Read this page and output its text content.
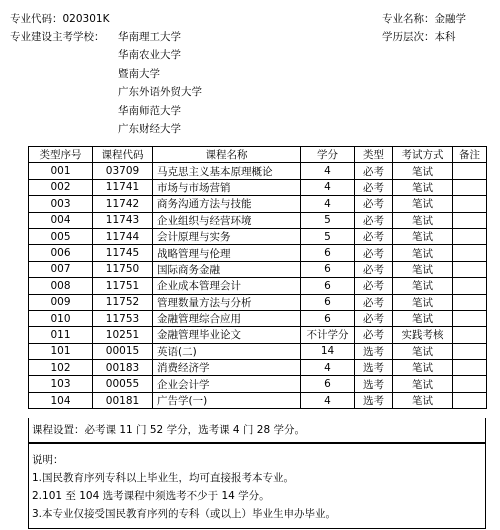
专业代码：020301K
专业建设主考学校：	华南理工大学
华南农业大学
暨南大学
广东外语外贸大学
华南师范大学
广东财经大学
专业名称：金融学
学历层次：本科
类型序号	课程代码	课程名称	学分	类型	考试方式	备注
001	03709	马克思主义基本原理概论	4	必考	笔试	
002	11741	市场与市场营销	4	必考	笔试	
003	11742	商务沟通方法与技能	4	必考	笔试	
004	11743	企业组织与经营环境	5	必考	笔试	
005	11744	会计原理与实务	5	必考	笔试	
006	11745	战略管理与伦理	6	必考	笔试	
007	11750	国际商务金融	6	必考	笔试	
008	11751	企业成本管理会计	6	必考	笔试	
009	11752	管理数量方法与分析	6	必考	笔试	
010	11753	金融管理综合应用	6	必考	笔试	
011	10251	金融管理毕业论文	不计学分	必考	实践考核	
101	00015	英语(二)	14	选考	笔试	
102	00183	消费经济学	4	选考	笔试	
103	00055	企业会计学	6	选考	笔试	
104	00181	广告学(一)	4	选考	笔试	
课程设置：必考课 11 门 52 学分，选考课 4 门 28 学分。
说明：
1.国民教育序列专科以上毕业生，均可直接报考本专业。
2.101 至 104 选考课程中须选考不少于 14 学分。
3.本专业仅接受国民教育序列的专科（或以上）毕业生申办毕业。
